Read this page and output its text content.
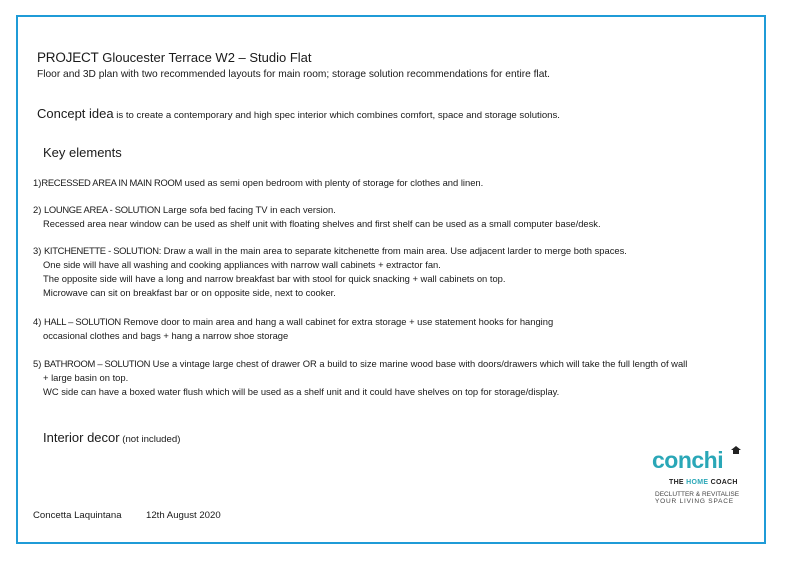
PROJECT Gloucester Terrace W2 – Studio Flat
Floor and 3D plan with two recommended layouts for main room; storage solution recommendations for entire flat.
Concept idea is to create a contemporary and high spec interior which combines comfort, space and storage solutions.
Key elements
1)RECESSED AREA IN MAIN ROOM used as semi open bedroom with plenty of storage for clothes and linen.
2) LOUNGE AREA - SOLUTION Large sofa bed facing TV in each version.
Recessed area near window can be used as shelf unit with floating shelves and first shelf can be used as a small computer base/desk.
3) KITCHENETTE - SOLUTION: Draw a wall in the main area to separate kitchenette from main area. Use adjacent larder to merge both spaces.
One side will have all washing and cooking appliances with narrow wall cabinets + extractor fan.
The opposite side will have a long and narrow breakfast bar with stool for quick snacking + wall cabinets on top.
Microwave can sit on breakfast bar or on opposite side, next to cooker.
4) HALL – SOLUTION Remove door to main area and hang a wall cabinet for extra storage + use statement hooks for hanging
occasional clothes and bags + hang a narrow shoe storage
5) BATHROOM – SOLUTION Use a vintage large chest of drawer OR a build to size marine wood base with doors/drawers which will take the full length of wall
+ large basin on top.
WC side can have a boxed water flush which will be used as a shelf unit and it could have shelves on top for storage/display.
Interior decor (not included)
Concetta Laquintana	12th August 2020
conchi
THE HOME COACH
DECLUTTER & REVITALISE
YOUR LIVING SPACE
